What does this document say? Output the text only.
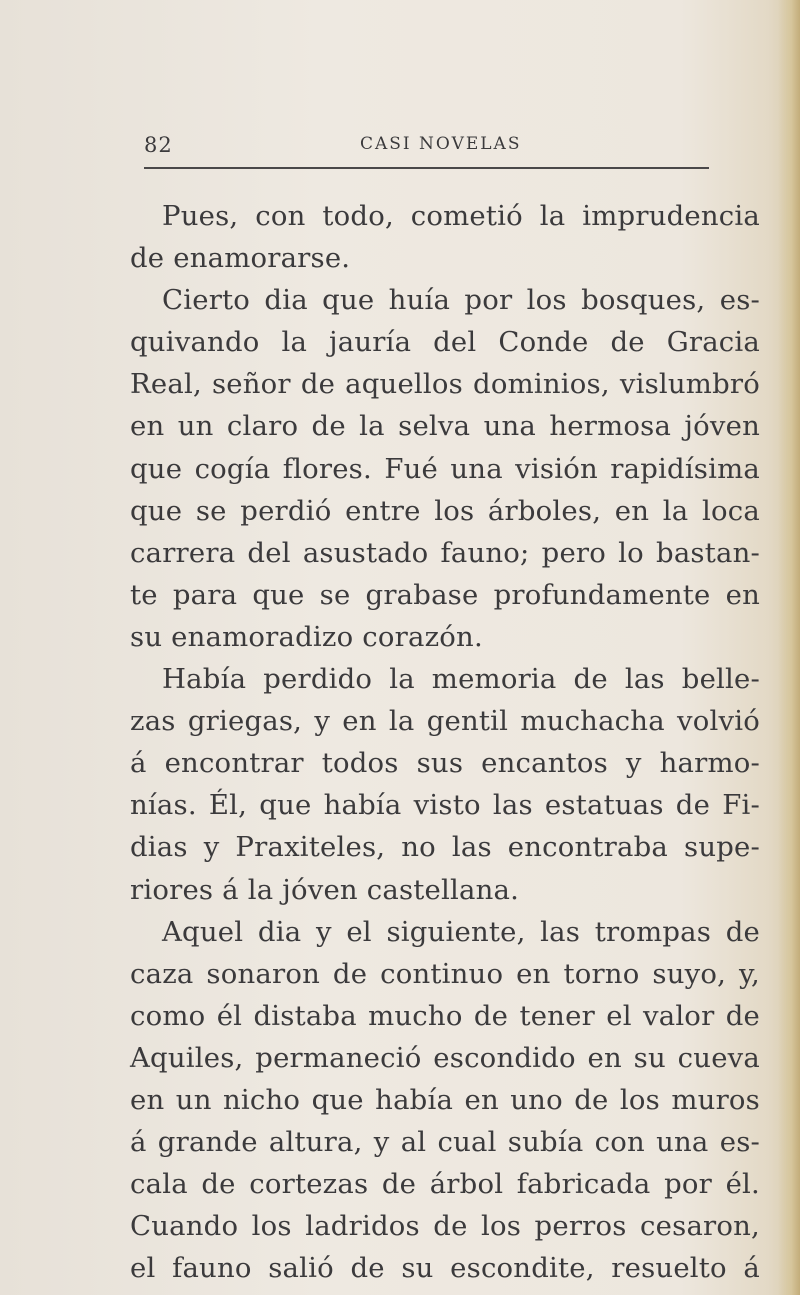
82	CASI NOVELAS
Pues, con todo, cometió la imprudencia
de enamorarse.
Cierto dia que huía por los bosques, es-
quivando la jauría del Conde de Gracia
Real, señor de aquellos dominios, vislumbró
en un claro de la selva una hermosa jóven
que cogía flores. Fué una visión rapidísima
que se perdió entre los árboles, en la loca
carrera del asustado fauno; pero lo bastan-
te para que se grabase profundamente en
su enamoradizo corazón.
Había perdido la memoria de las belle-
zas griegas, y en la gentil muchacha volvió
á encontrar todos sus encantos y harmo-
nías. Él, que había visto las estatuas de Fi-
dias y Praxiteles, no las encontraba supe-
riores á la jóven castellana.
Aquel dia y el siguiente, las trompas de
caza sonaron de continuo en torno suyo, y,
como él distaba mucho de tener el valor de
Aquiles, permaneció escondido en su cueva
en un nicho que había en uno de los muros
á grande altura, y al cual subía con una es-
cala de cortezas de árbol fabricada por él.
Cuando los ladridos de los perros cesaron,
el fauno salió de su escondite, resuelto á
